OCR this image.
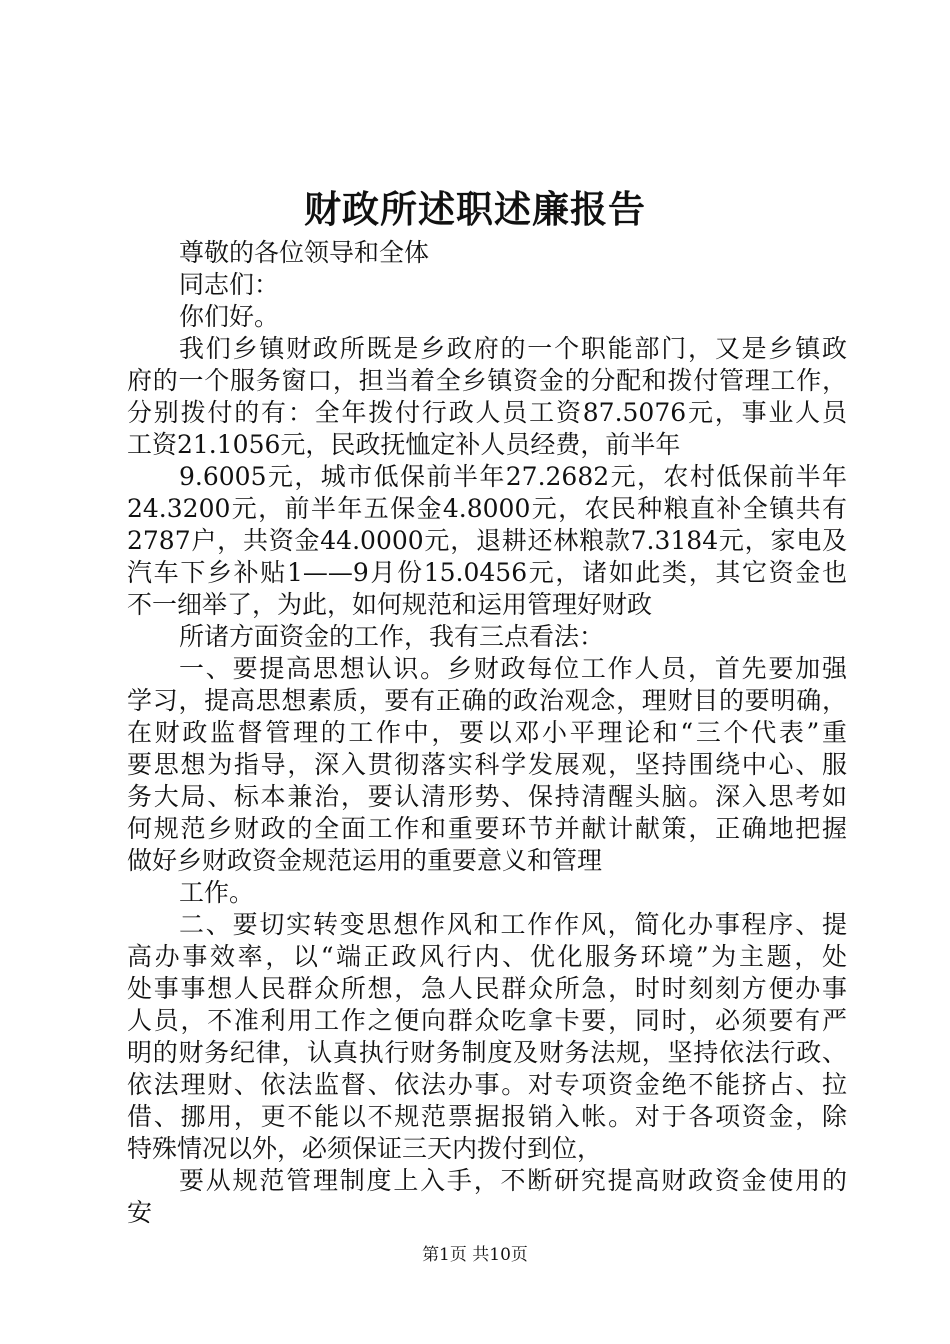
财政所述职述廉报告
尊敬的各位领导和全体
同志们：
你们好。
我们乡镇财政所既是乡政府的一个职能部门，又是乡镇政
府的一个服务窗口，担当着全乡镇资金的分配和拨付管理工作，
分别拨付的有：全年拨付行政人员工资87.5076元，事业人员
工资21.1056元，民政抚恤定补人员经费，前半年
9.6005元，城市低保前半年27.2682元，农村低保前半年
24.3200元，前半年五保金4.8000元，农民种粮直补全镇共有
2787户，共资金44.0000元，退耕还林粮款7.3184元，家电及
汽车下乡补贴1——9月份15.0456元，诸如此类，其它资金也
不一细举了，为此，如何规范和运用管理好财政
所诸方面资金的工作，我有三点看法：
一、要提高思想认识。乡财政每位工作人员，首先要加强
学习，提高思想素质，要有正确的政治观念，理财目的要明确，
在财政监督管理的工作中，要以邓小平理论和“三个代表”重
要思想为指导，深入贯彻落实科学发展观，坚持围绕中心、服
务大局、标本兼治，要认清形势、保持清醒头脑。深入思考如
何规范乡财政的全面工作和重要环节并献计献策，正确地把握
做好乡财政资金规范运用的重要意义和管理
工作。
二、要切实转变思想作风和工作作风，简化办事程序、提
高办事效率，以“端正政风行内、优化服务环境”为主题，处
处事事想人民群众所想，急人民群众所急，时时刻刻方便办事
人员，不准利用工作之便向群众吃拿卡要，同时，必须要有严
明的财务纪律，认真执行财务制度及财务法规，坚持依法行政、
依法理财、依法监督、依法办事。对专项资金绝不能挤占、拉
借、挪用，更不能以不规范票据报销入帐。对于各项资金，除
特殊情况以外，必须保证三天内拨付到位，
要从规范管理制度上入手，不断研究提高财政资金使用的
安
第1页 共10页
